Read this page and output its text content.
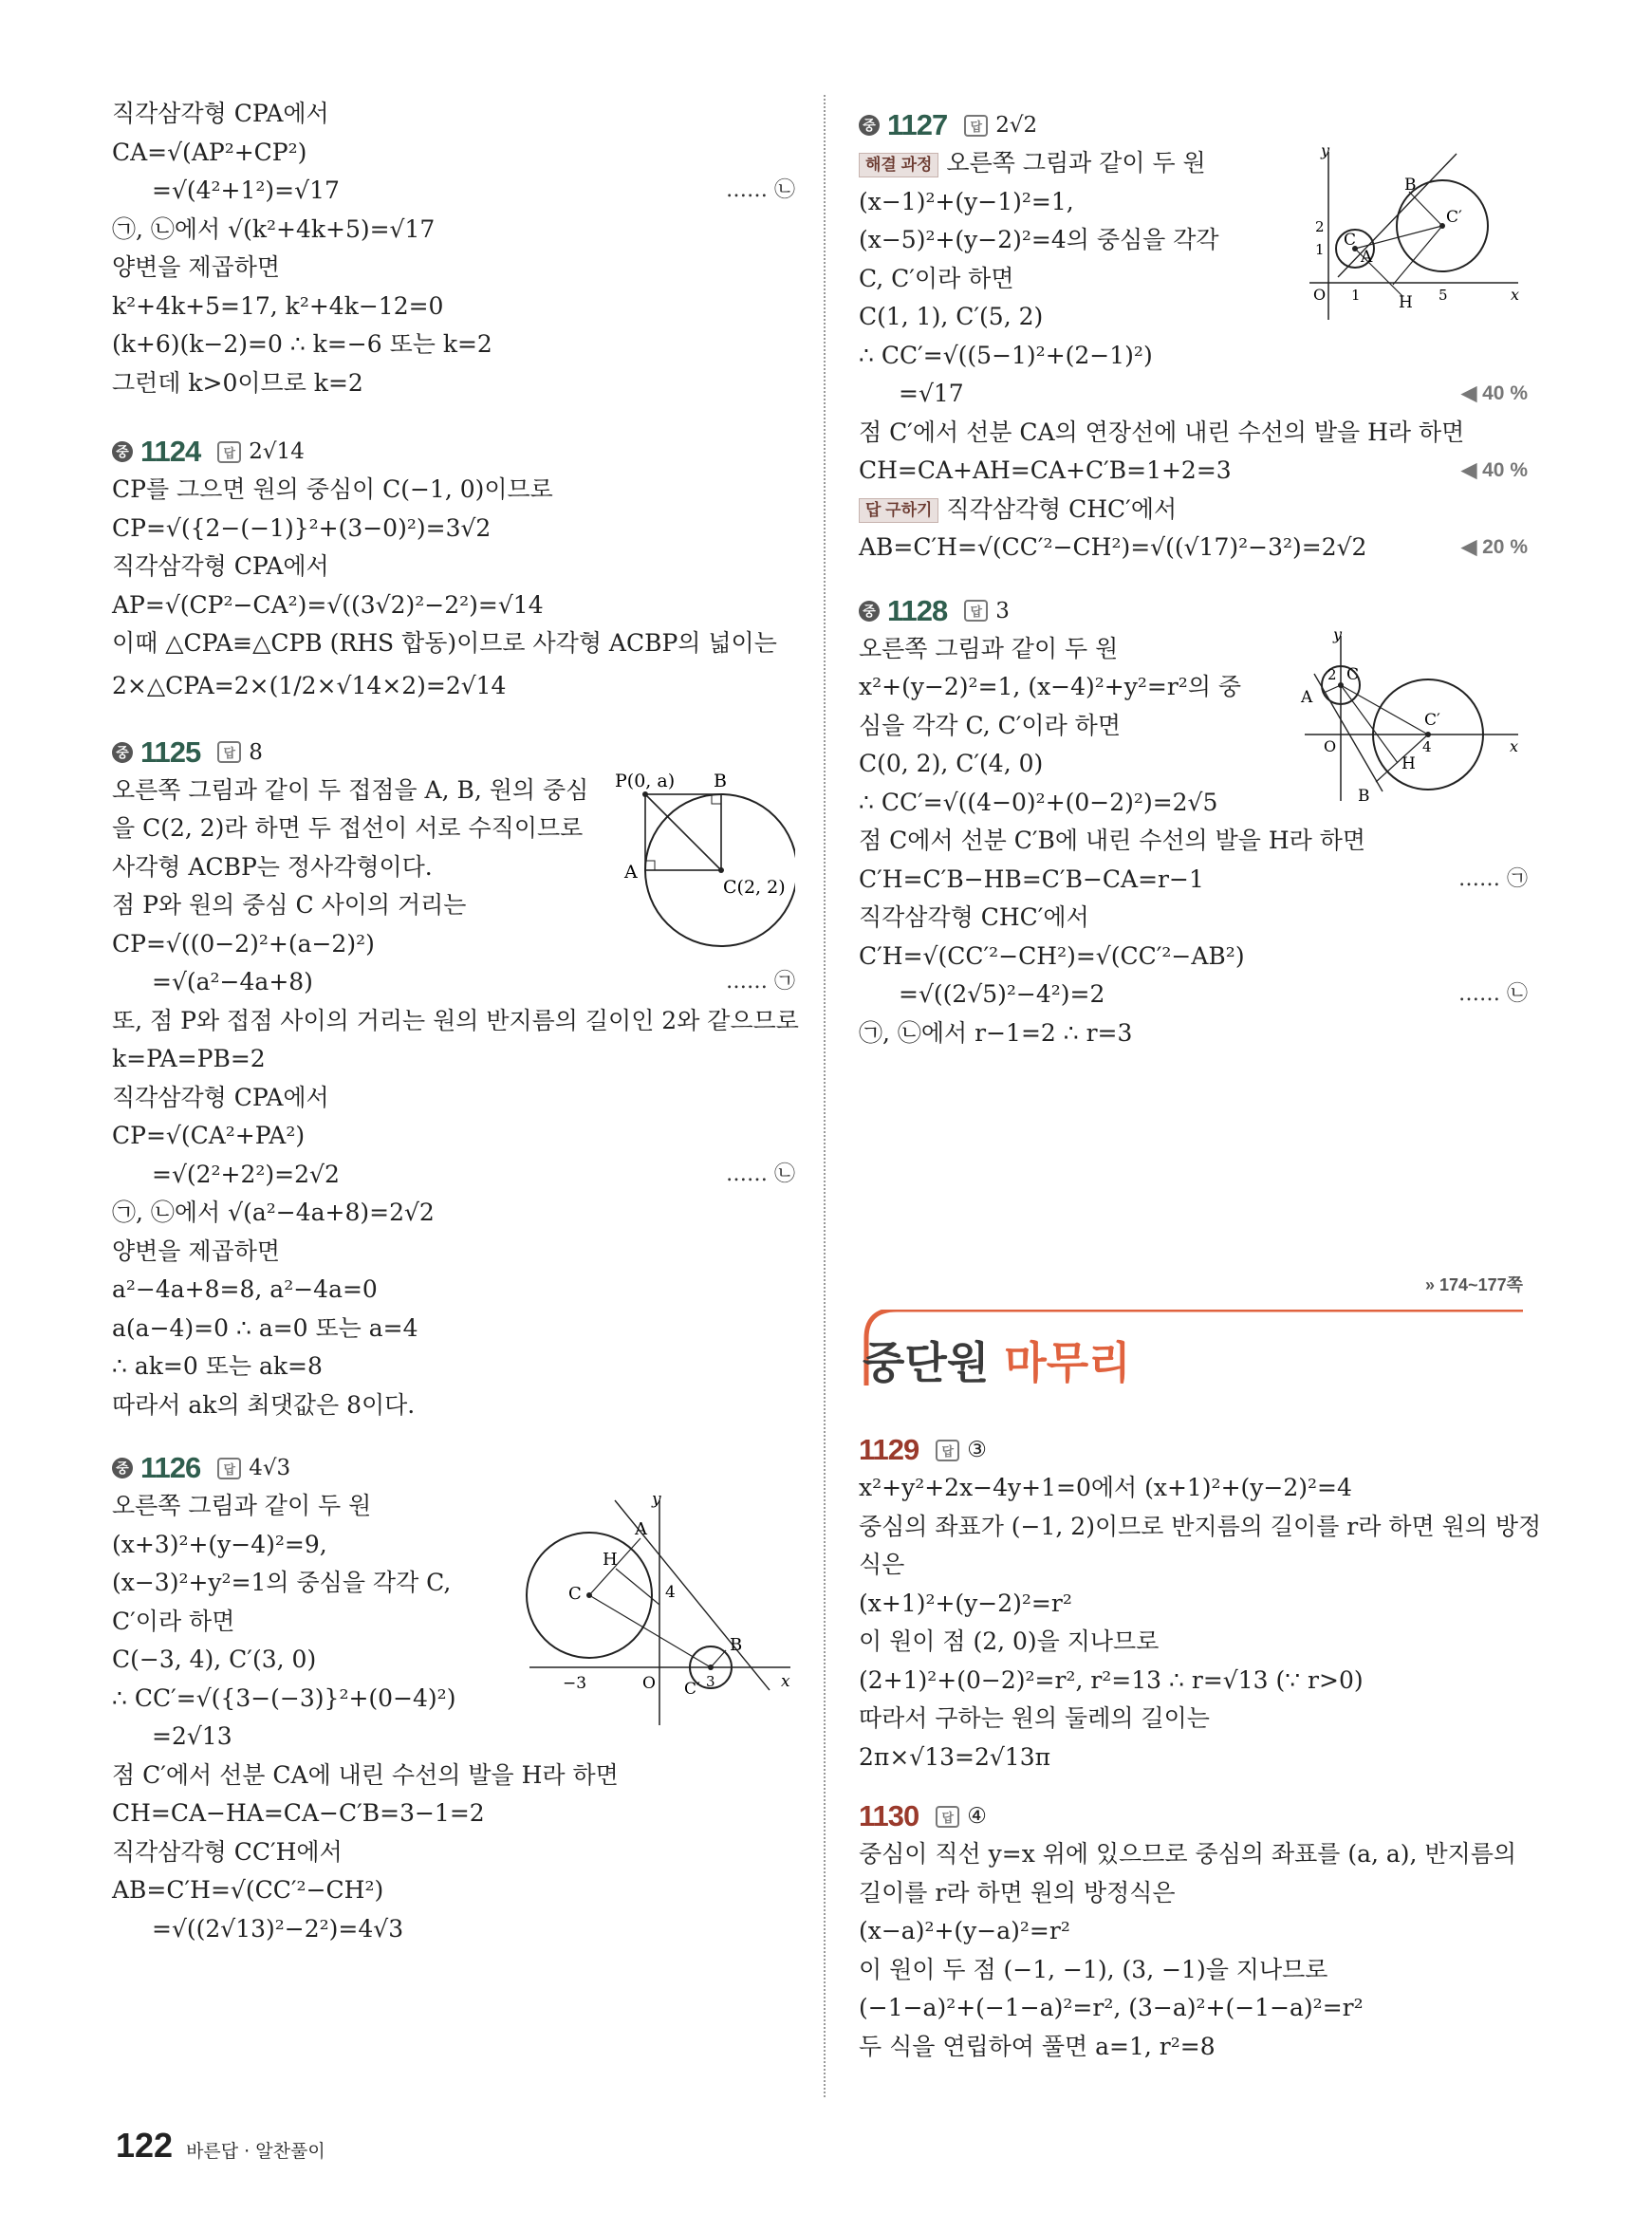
직각삼각형 CPA에서
CA=√(AP²+CP²)
=√(4²+1²)=√17	…… ㉡
㉠, ㉡에서 √(k²+4k+5)=√17
양변을 제곱하면
k²+4k+5=17, k²+4k−12=0
(k+6)(k−2)=0 ∴ k=−6 또는 k=2
그런데 k>0이므로 k=2
중 1124	답 2√14
CP를 그으면 원의 중심이 C(−1, 0)이므로
CP=√({2−(−1)}²+(3−0)²)=3√2
직각삼각형 CPA에서
AP=√(CP²−CA²)=√((3√2)²−2²)=√14
이때 △CPA≡△CPB (RHS 합동)이므로 사각형 ACBP의 넓이는
2×△CPA=2×(1/2×√14×2)=2√14
중 1125	답 8
오른쪽 그림과 같이 두 접점을 A, B, 원의 중심
을 C(2, 2)라 하면 두 접선이 서로 수직이므로
사각형 ACBP는 정사각형이다.
점 P와 원의 중심 C 사이의 거리는
CP=√((0−2)²+(a−2)²)
=√(a²−4a+8)	…… ㉠
또, 점 P와 접점 사이의 거리는 원의 반지름의 길이인 2와 같으므로
k=PA=PB=2
직각삼각형 CPA에서
CP=√(CA²+PA²)
=√(2²+2²)=2√2	…… ㉡
㉠, ㉡에서 √(a²−4a+8)=2√2
양변을 제곱하면
a²−4a+8=8, a²−4a=0
a(a−4)=0 ∴ a=0 또는 a=4
∴ ak=0 또는 ak=8
따라서 ak의 최댓값은 8이다.
P(0, a) B
A
C(2, 2)
중 1126	답 4√3
오른쪽 그림과 같이 두 원
(x+3)²+(y−4)²=9,
(x−3)²+y²=1의 중심을 각각 C,
C′이라 하면
C(−3, 4), C′(3, 0)
∴ CC′=√({3−(−3)}²+(0−4)²)
=2√13
점 C′에서 선분 CA에 내린 수선의 발을 H라 하면
CH=CA−HA=CA−C′B=3−1=2
직각삼각형 CC′H에서
AB=C′H=√(CC′²−CH²)
=√((2√13)²−2²)=4√3
y
x
H
A
C	4
B
−3	O C′ 3
중 1127	답 2√2
해결 과정 오른쪽 그림과 같이 두 원
(x−1)²+(y−1)²=1,
(x−5)²+(y−2)²=4의 중심을 각각
C, C′이라 하면
C(1, 1), C′(5, 2)
∴ CC′=√((5−1)²+(2−1)²)
=√17	◀ 40 %
점 C′에서 선분 CA의 연장선에 내린 수선의 발을 H라 하면
CH=CA+AH=CA+C′B=1+2=3	◀ 40 %
답 구하기 직각삼각형 CHC′에서
AB=C′H=√(CC′²−CH²)=√((√17)²−3²)=2√2	◀ 20 %
y
x
B
C′
C
A
2
1
O 1 H 5
중 1128	답 3
오른쪽 그림과 같이 두 원
x²+(y−2)²=1, (x−4)²+y²=r²의 중
심을 각각 C, C′이라 하면
C(0, 2), C′(4, 0)
∴ CC′=√((4−0)²+(0−2)²)=2√5
점 C에서 선분 C′B에 내린 수선의 발을 H라 하면
C′H=C′B−HB=C′B−CA=r−1	…… ㉠
직각삼각형 CHC′에서
C′H=√(CC′²−CH²)=√(CC′²−AB²)
=√((2√5)²−4²)=2	…… ㉡
㉠, ㉡에서 r−1=2 ∴ r=3
y
x
2 C
A
C′
O	4
H
B
» 174~177쪽
중단원 마무리
1129	답 ③
x²+y²+2x−4y+1=0에서 (x+1)²+(y−2)²=4
중심의 좌표가 (−1, 2)이므로 반지름의 길이를 r라 하면 원의 방정
식은
(x+1)²+(y−2)²=r²
이 원이 점 (2, 0)을 지나므로
(2+1)²+(0−2)²=r², r²=13 ∴ r=√13 (∵ r>0)
따라서 구하는 원의 둘레의 길이는
2π×√13=2√13π
1130	답 ④
중심이 직선 y=x 위에 있으므로 중심의 좌표를 (a, a), 반지름의
길이를 r라 하면 원의 방정식은
(x−a)²+(y−a)²=r²
이 원이 두 점 (−1, −1), (3, −1)을 지나므로
(−1−a)²+(−1−a)²=r², (3−a)²+(−1−a)²=r²
두 식을 연립하여 풀면 a=1, r²=8
122 바른답 · 알찬풀이
